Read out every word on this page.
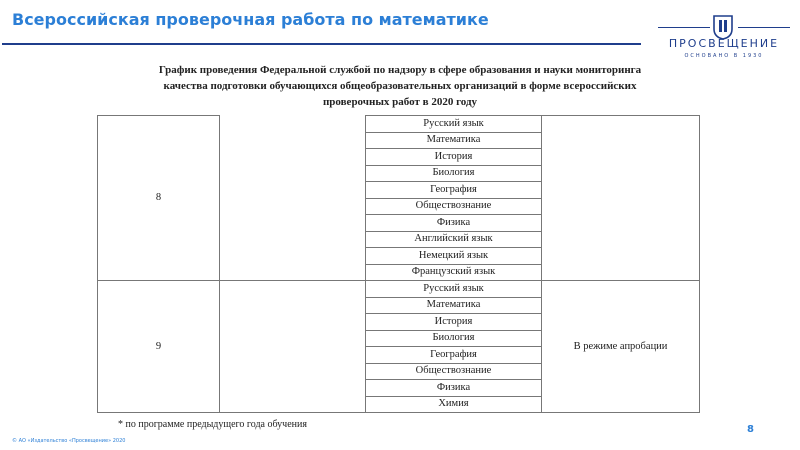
Всероссийская проверочная работа по математике
ПРОСВЕЩЕНИЕ
ОСНОВАНО В 1930
График проведения Федеральной службой по надзору в сфере образования и науки мониторинга
качества подготовки обучающихся общеобразовательных организаций в форме всероссийских
проверочных работ в 2020 году
8		Русский язык	
		Математика	
		История	
		Биология	
		География	
		Обществознание	
		Физика	
		Английский язык	
		Немецкий язык	
		Французский язык	
9		Русский язык	В режиме апробации
		Математика	
		История	
		Биология	
		География	
		Обществознание	
		Физика	
		Химия	
* по программе предыдущего года обучения	8
© АО «Издательство «Просвещение» 2020
